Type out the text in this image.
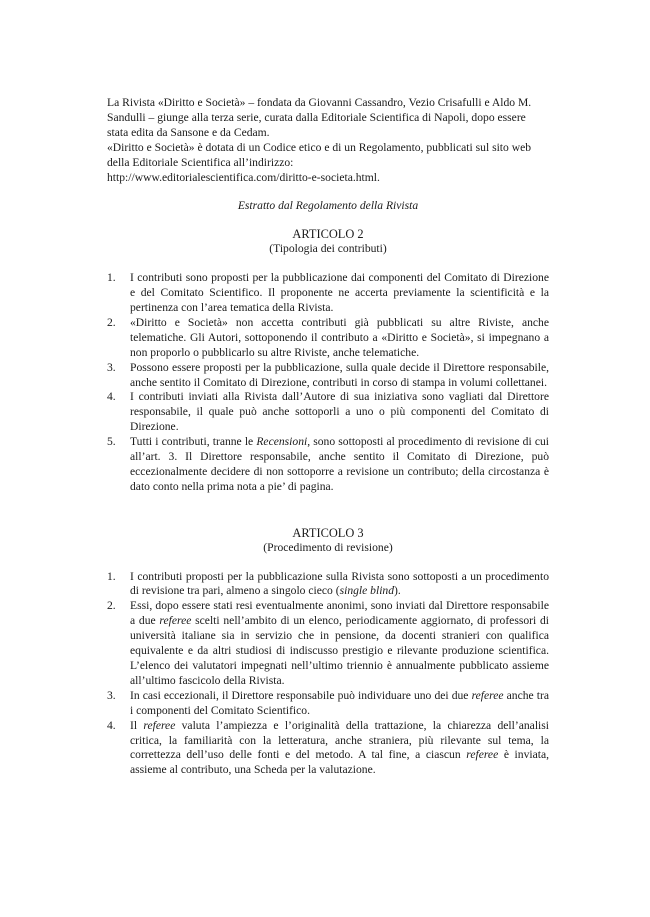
La Rivista «Diritto e Società» – fondata da Giovanni Cassandro, Vezio Crisafulli e Aldo M. Sandulli – giunge alla terza serie, curata dalla Editoriale Scientifica di Napoli, dopo essere stata edita da Sansone e da Cedam.

«Diritto e Società» è dotata di un Codice etico e di un Regolamento, pubblicati sul sito web della Editoriale Scientifica all’indirizzo:

http://www.editorialescientifica.com/diritto-e-societa.html.

Estratto dal Regolamento della Rivista

ARTICOLO 2
(Tipologia dei contributi)
1. I contributi sono proposti per la pubblicazione dai componenti del Comitato di Direzione e del Comitato Scientifico. Il proponente ne accerta previamente la scientificità e la pertinenza con l’area tematica della Rivista.
2. «Diritto e Società» non accetta contributi già pubblicati su altre Riviste, anche telematiche. Gli Autori, sottoponendo il contributo a «Diritto e Società», si impegnano a non proporlo o pubblicarlo su altre Riviste, anche telematiche.
3. Possono essere proposti per la pubblicazione, sulla quale decide il Direttore responsabile, anche sentito il Comitato di Direzione, contributi in corso di stampa in volumi collettanei.
4. I contributi inviati alla Rivista dall’Autore di sua iniziativa sono vagliati dal Direttore responsabile, il quale può anche sottoporli a uno o più componenti del Comitato di Direzione.
5. Tutti i contributi, tranne le Recensioni, sono sottoposti al procedimento di revisione di cui all’art. 3. Il Direttore responsabile, anche sentito il Comitato di Direzione, può eccezionalmente decidere di non sottoporre a revisione un contributo; della circostanza è dato conto nella prima nota a pie’ di pagina.
ARTICOLO 3
(Procedimento di revisione)
1. I contributi proposti per la pubblicazione sulla Rivista sono sottoposti a un procedimento di revisione tra pari, almeno a singolo cieco (single blind).
2. Essi, dopo essere stati resi eventualmente anonimi, sono inviati dal Direttore responsabile a due referee scelti nell’ambito di un elenco, periodicamente aggiornato, di professori di università italiane sia in servizio che in pensione, da docenti stranieri con qualifica equivalente e da altri studiosi di indiscusso prestigio e rilevante produzione scientifica. L’elenco dei valutatori impegnati nell’ultimo triennio è annualmente pubblicato assieme all’ultimo fascicolo della Rivista.
3. In casi eccezionali, il Direttore responsabile può individuare uno dei due referee anche tra i componenti del Comitato Scientifico.
4. Il referee valuta l’ampiezza e l’originalità della trattazione, la chiarezza dell’analisi critica, la familiarità con la letteratura, anche straniera, più rilevante sul tema, la correttezza dell’uso delle fonti e del metodo. A tal fine, a ciascun referee è inviata, assieme al contributo, una Scheda per la valutazione.
